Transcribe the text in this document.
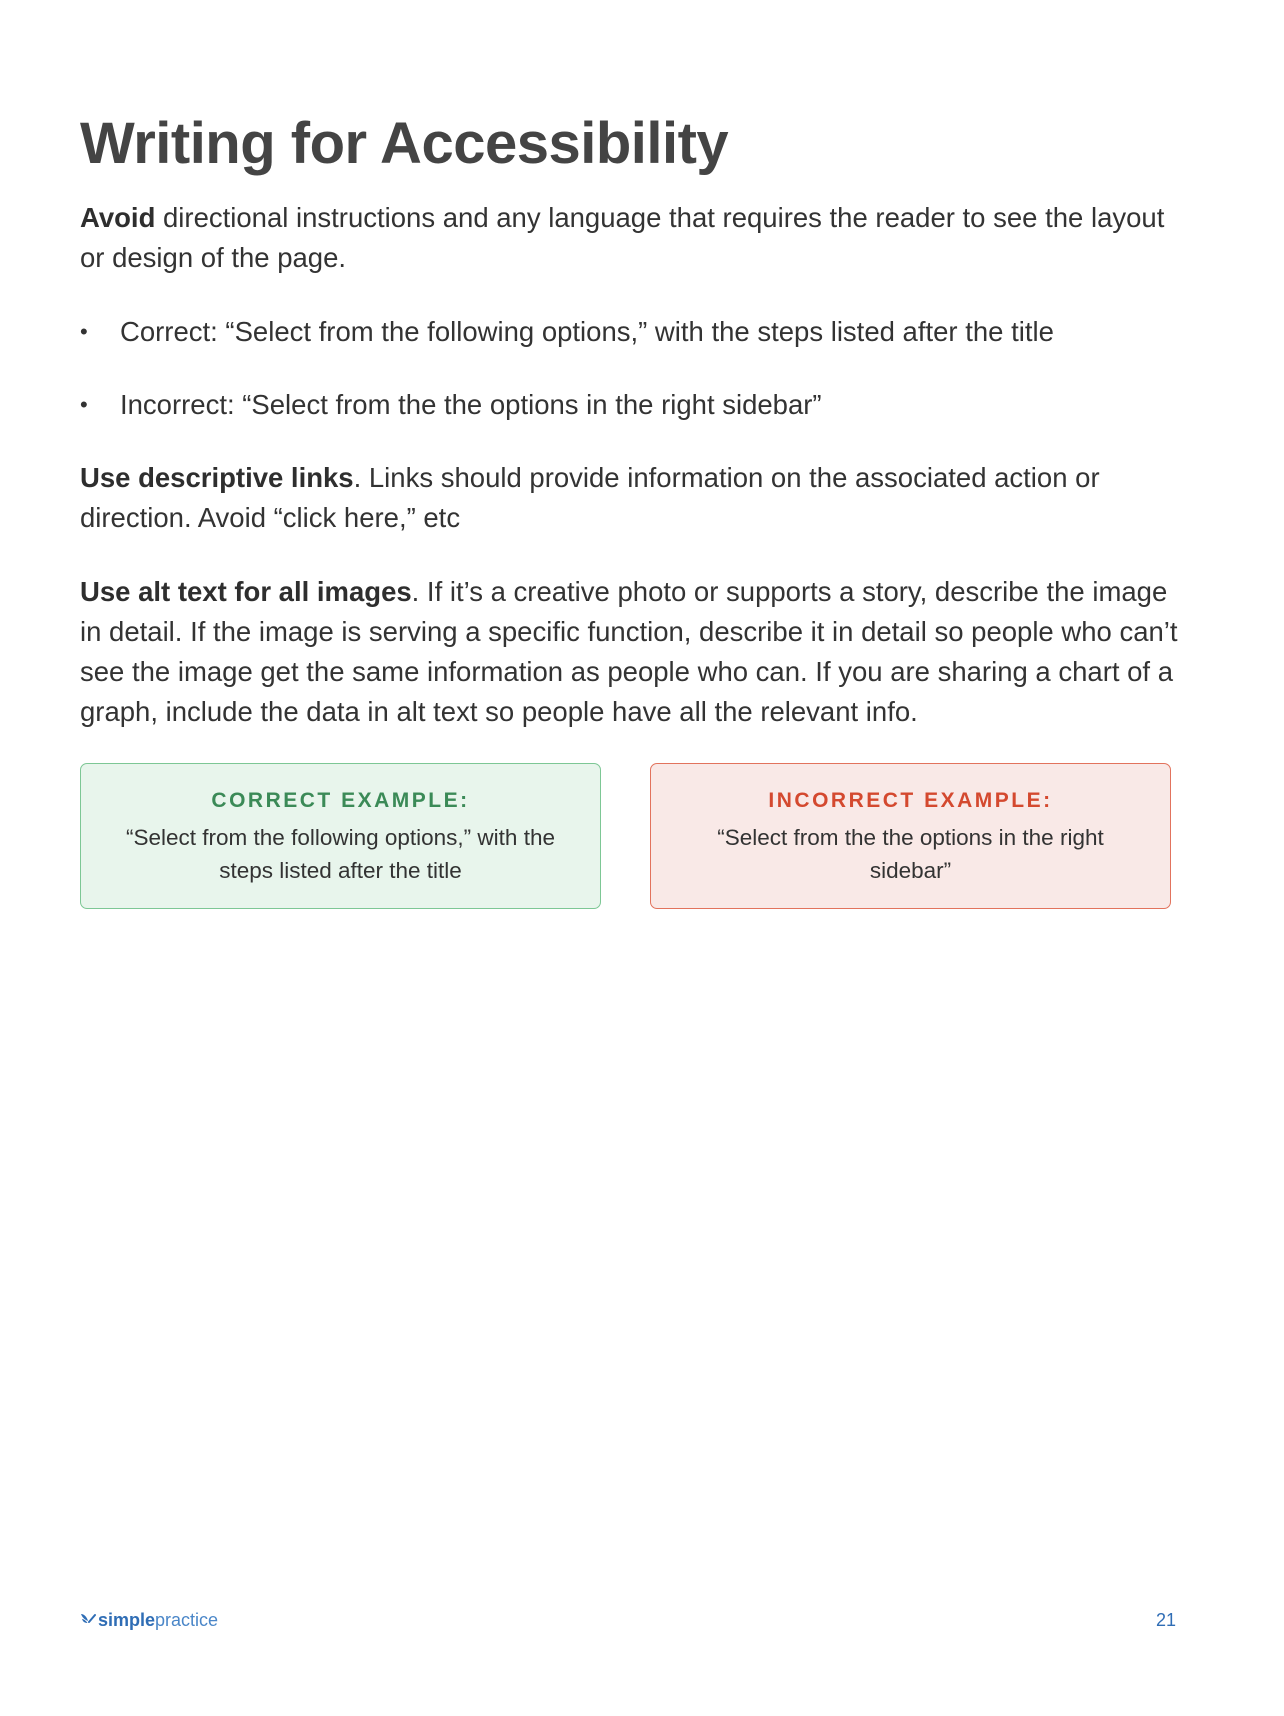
Writing for Accessibility

Avoid directional instructions and any language that requires the reader to see the layout or design of the page.

• Correct: “Select from the following options,” with the steps listed after the title
• Incorrect: “Select from the the options in the right sidebar”

Use descriptive links. Links should provide information on the associated action or direction. Avoid “click here,” etc

Use alt text for all images. If it’s a creative photo or supports a story, describe the image in detail. If the image is serving a specific function, describe it in detail so people who can’t see the image get the same information as people who can. If you are sharing a chart of a graph, include the data in alt text so people have all the relevant info.

CORRECT EXAMPLE:

“Select from the following options,” with the steps listed after the title

INCORRECT EXAMPLE:

“Select from the the options in the right sidebar”

simple practice	21
